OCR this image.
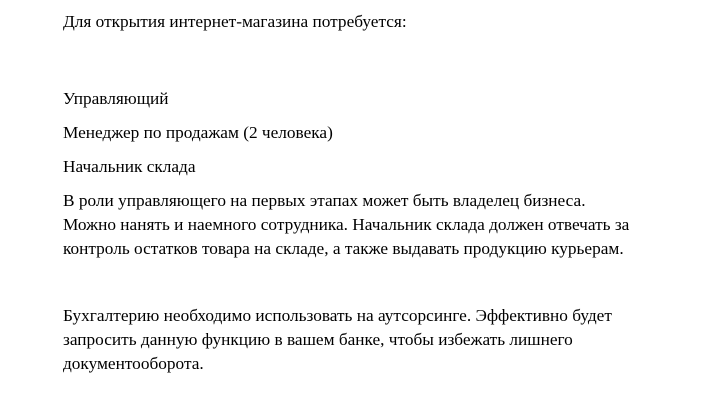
Для открытия интернет-магазина потребуется:

Управляющий

Менеджер по продажам (2 человека)

Начальник склада

В роли управляющего на первых этапах может быть владелец бизнеса.
Можно нанять и наемного сотрудника. Начальник склада должен отвечать за
контроль остатков товара на складе, а также выдавать продукцию курьерам.

Бухгалтерию необходимо использовать на аутсорсинге. Эффективно будет
запросить данную функцию в вашем банке, чтобы избежать лишнего
документооборота.
